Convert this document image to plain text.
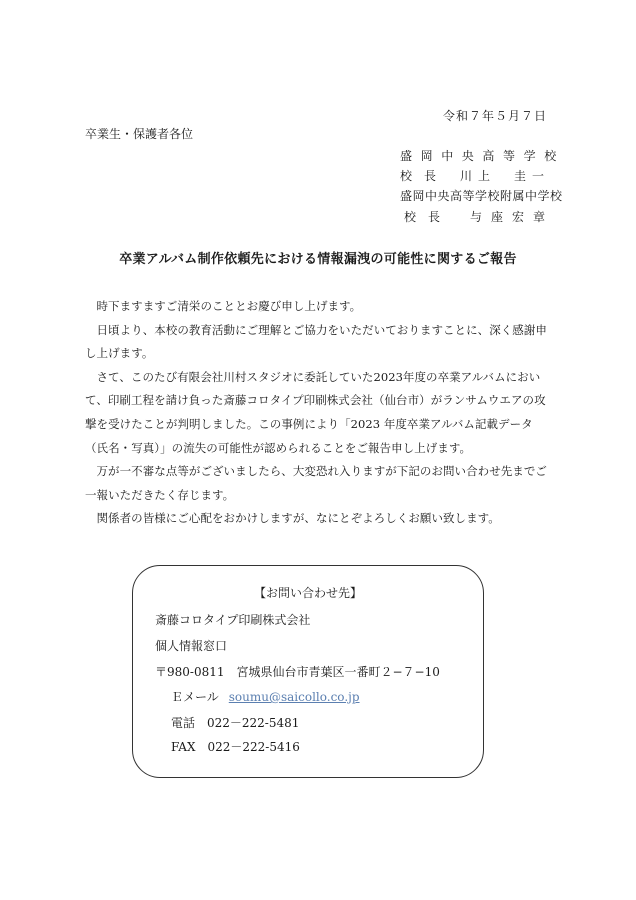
令和７年５月７日
卒業生・保護者各位
盛岡中央高等学校
校長 川上　圭一
盛岡中央高等学校附属中学校
校長 与座宏章
卒業アルバム制作依頼先における情報漏洩の可能性に関するご報告

時下ますますご清栄のこととお慶び申し上げます。

日頃より、本校の教育活動にご理解とご協力をいただいておりますことに、深く感謝申し上げます。

さて、このたび有限会社川村スタジオに委託していた2023年度の卒業アルバムにおいて、印刷工程を請け負った斎藤コロタイプ印刷株式会社（仙台市）がランサムウエアの攻撃を受けたことが判明しました。この事例により「2023 年度卒業アルバム記載データ（氏名・写真）」の流失の可能性が認められることをご報告申し上げます。

万が一不審な点等がございましたら、大変恐れ入りますが下記のお問い合わせ先までご一報いただきたく存じます。

関係者の皆様にご心配をおかけしますが、なにとぞよろしくお願い致します。

【お問い合わせ先】
斎藤コロタイプ印刷株式会社
個人情報窓口
〒980-0811　宮城県仙台市青葉区一番町２−７−10
Ｅメール soumu@saicollo.co.jp
電話　022－222-5481
FAX　022－222-5416
